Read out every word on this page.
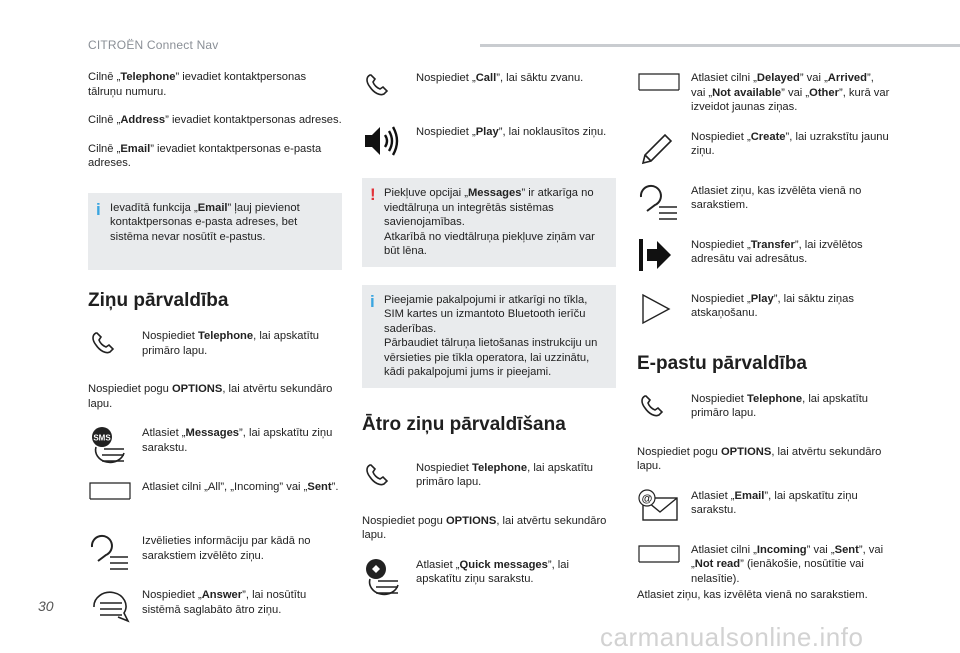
CITROËN Connect Nav

Cilnē „Telephone” ievadiet kontaktpersonas tālruņu numuru.

Cilnē „Address” ievadiet kontaktpersonas adreses.

Cilnē „Email” ievadiet kontaktpersonas e-pasta adreses.

i Ievadītā funkcija „Email” ļauj pievienot kontaktpersonas e-pasta adreses, bet sistēma nevar nosūtīt e-pastus.
Ziņu pārvaldība
Nospiediet Telephone, lai apskatītu primāro lapu.

Nospiediet pogu OPTIONS, lai atvērtu sekundāro lapu.

SMS	Atlasiet „Messages”, lai apskatītu ziņu sarakstu.
Atlasiet cilni „All”, „Incoming” vai „Sent”.
Izvēlieties informāciju par kādā no sarakstiem izvēlēto ziņu.
Nospiediet „Answer”, lai nosūtītu sistēmā saglabāto ātro ziņu.
Nospiediet „Call”, lai sāktu zvanu.
Nospiediet „Play”, lai noklausītos ziņu.
! Piekļuve opcijai „Messages” ir atkarīga no viedtālruņa un integrētās sistēmas savienojamības.
Atkarībā no viedtālruņa piekļuve ziņām var būt lēna.
i Pieejamie pakalpojumi ir atkarīgi no tīkla, SIM kartes un izmantoto Bluetooth ierīču saderības.
Pārbaudiet tālruņa lietošanas instrukciju un vērsieties pie tīkla operatora, lai uzzinātu, kādi pakalpojumi jums ir pieejami.
Ātro ziņu pārvaldīšana
Nospiediet Telephone, lai apskatītu primāro lapu.

Nospiediet pogu OPTIONS, lai atvērtu sekundāro lapu.

Atlasiet „Quick messages”, lai apskatītu ziņu sarakstu.
Atlasiet cilni „Delayed” vai „Arrived”, vai „Not available” vai „Other”, kurā var izveidot jaunas ziņas.
Nospiediet „Create”, lai uzrakstītu jaunu ziņu.
Atlasiet ziņu, kas izvēlēta vienā no sarakstiem.
Nospiediet „Transfer”, lai izvēlētos adresātu vai adresātus.
Nospiediet „Play”, lai sāktu ziņas atskaņošanu.
E-pastu pārvaldība
Nospiediet Telephone, lai apskatītu primāro lapu.

Nospiediet pogu OPTIONS, lai atvērtu sekundāro lapu.

@	Atlasiet „Email”, lai apskatītu ziņu sarakstu.
Atlasiet cilni „Incoming” vai „Sent”, vai „Not read” (ienākošie, nosūtītie vai nelasītie).

Atlasiet ziņu, kas izvēlēta vienā no sarakstiem.

30
carmanualsonline.info
